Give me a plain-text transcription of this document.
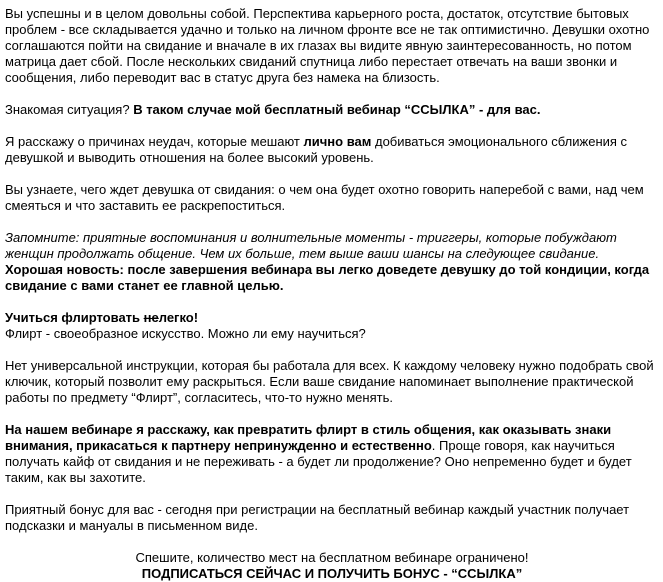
Вы успешны и в целом довольны собой. Перспектива карьерного роста, достаток, отсутствие бытовых проблем - все складывается удачно и только на личном фронте все не так оптимистично. Девушки охотно соглашаются пойти на свидание и вначале в их глазах вы видите явную заинтересованность, но потом матрица дает сбой. После нескольких свиданий спутница либо перестает отвечать на ваши звонки и сообщения, либо переводит вас в статус друга без намека на близость.

Знакомая ситуация? В таком случае мой бесплатный вебинар “ССЫЛКА” - для вас.

Я расскажу о причинах неудач, которые мешают лично вам добиваться эмоционального сближения с девушкой и выводить отношения на более высокий уровень.

Вы узнаете, чего ждет девушка от свидания: о чем она будет охотно говорить наперебой с вами, над чем смеяться и что заставить ее раскрепоститься.

Запомните: приятные воспоминания и волнительные моменты - триггеры, которые побуждают женщин продолжать общение. Чем их больше, тем выше ваши шансы на следующее свидание.

Хорошая новость: после завершения вебинара вы легко доведете девушку до той кондиции, когда свидание с вами станет ее главной целью.

Учиться флиртовать нелегко!

Флирт - своеобразное искусство. Можно ли ему научиться?

Нет универсальной инструкции, которая бы работала для всех. К каждому человеку нужно подобрать свой ключик, который позволит ему раскрыться. Если ваше свидание напоминает выполнение практической работы по предмету “Флирт”, согласитесь, что-то нужно менять.

На нашем вебинаре я расскажу, как превратить флирт в стиль общения, как оказывать знаки внимания, прикасаться к партнеру непринужденно и естественно. Проще говоря, как научиться получать кайф от свидания и не переживать - а будет ли продолжение? Оно непременно будет и будет таким, как вы захотите.

Приятный бонус для вас - сегодня при регистрации на бесплатный вебинар каждый участник получает подсказки и мануалы в письменном виде.

Спешите, количество мест на бесплатном вебинаре ограничено!

ПОДПИСАТЬСЯ СЕЙЧАС И ПОЛУЧИТЬ БОНУС - “ССЫЛКА”
